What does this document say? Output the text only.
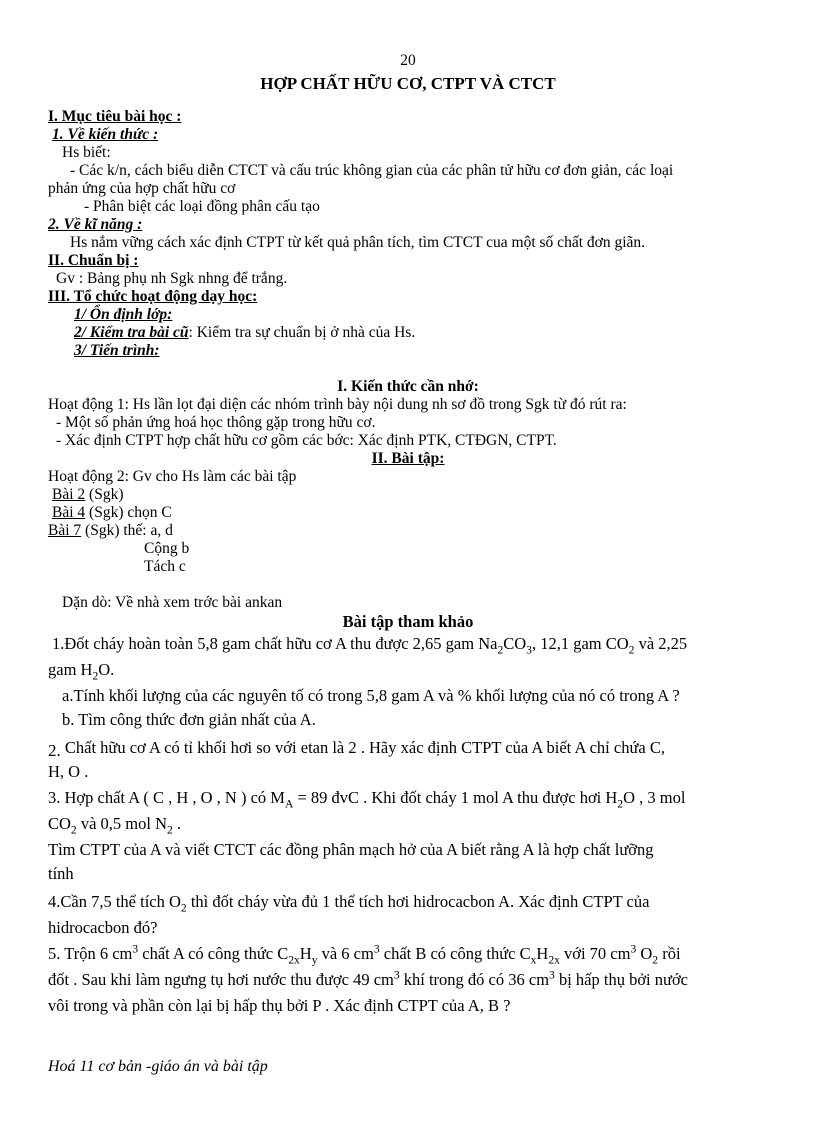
20
HỢP CHẤT HỮU CƠ, CTPT VÀ CTCT
I. Mục tiêu bài học :
1. Về kiến thức :
Hs biết:
- Các k/n, cách biểu diễn CTCT và cấu trúc không gian của các phân tử hữu cơ đơn giản, các loại
phản ứng của hợp chất hữu cơ
- Phân biệt các loại đồng phân cấu tạo
2. Về kĩ năng :
Hs nắm vững cách xác định CTPT từ kết quả phân tích, tìm CTCT cua một số chất đơn giãn.
II. Chuẩn bị :
Gv : Bảng phụ nh Sgk nhng để trắng.
III. Tổ chức hoạt động dạy học:
1/ Ổn định lớp:
2/ Kiểm tra bài cũ: Kiểm tra sự chuẩn bị ở nhà của Hs.
3/ Tiến trình:
I. Kiến thức cần nhớ:
Hoạt động 1: Hs lần lọt đại diện các nhóm trình bày nội dung nh sơ đồ trong Sgk từ đó rút ra:
- Một số phản ứng hoá học thông gặp trong hữu cơ.
- Xác định CTPT hợp chất hữu cơ gồm các bớc: Xác định PTK, CTĐGN, CTPT.
II. Bài tập:
Hoạt động 2: Gv cho Hs làm các bài tập
Bài 2 (Sgk)
Bài 4 (Sgk) chọn C
Bài 7 (Sgk) thế: a, d
Cộng b
Tách c
Dặn dò: Về nhà xem trớc bài ankan
Bài tập tham khảo
1.Đốt cháy hoàn toàn 5,8 gam chất hữu cơ A thu được 2,65 gam $Na_2CO_3$, 12,1 gam $CO_2$ và 2,25
gam $H_2O$.
a.Tính khối lượng của các nguyên tố có trong 5,8 gam A và % khối lượng của nó có trong A ?
b. Tìm công thức đơn giản nhất của A.
2. Chất hữu cơ A có tỉ khối hơi so với etan là 2 . Hãy xác định CTPT của A biết A chỉ chứa C,
H, O .
3. Hợp chất A ( C , H , O , N ) có $M_A = 89$ đvC . Khi đốt cháy 1 mol A thu được hơi $H_2O$ , 3 mol
$CO_2$ và 0,5 mol $N_2$ .
Tìm CTPT của A và viết CTCT các đồng phân mạch hở của A biết rằng A là hợp chất lưỡng
tính
4.Cần 7,5 thể tích $O_2$ thì đốt cháy vừa đủ 1 thể tích hơi hidrocacbon A. Xác định CTPT của
hidrocacbon đó?
5. Trộn 6 $cm^3$ chất A có công thức $C_{2x}H_y$ và 6 $cm^3$ chất B có công thức $C_xH_{2x}$ với 70 $cm^3$ $O_2$ rồi
đốt . Sau khi làm ngưng tụ hơi nước thu được 49 $cm^3$ khí trong đó có 36 $cm^3$ bị hấp thụ bởi nước
vôi trong và phần còn lại bị hấp thụ bởi P . Xác định CTPT của A, B ?
Hoá 11 cơ bản -giáo án và bài tập
